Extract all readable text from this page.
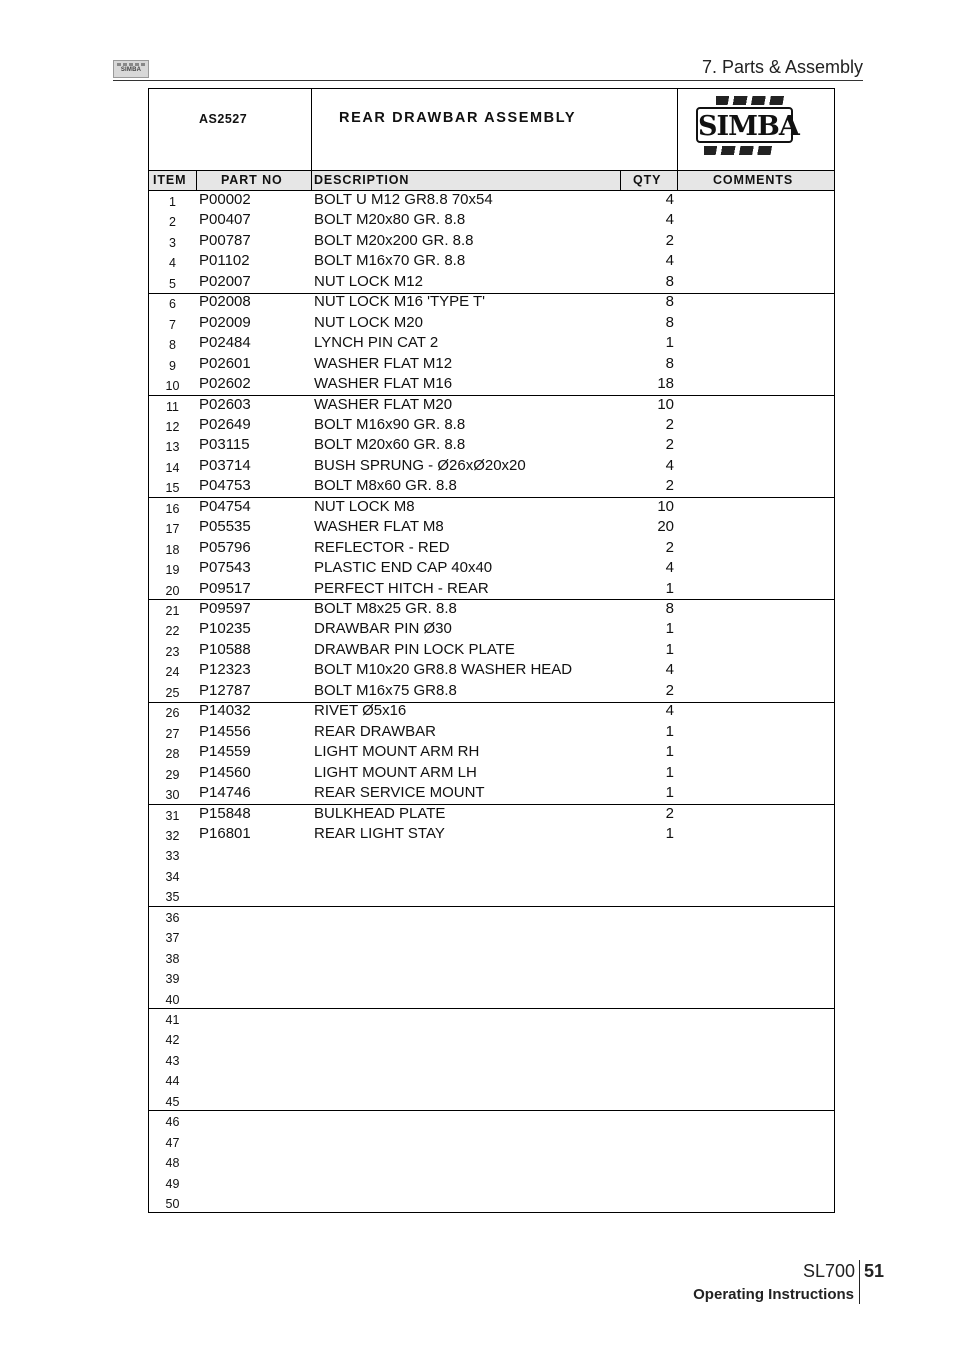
SIMBA	7. Parts & Assembly
AS2527	REAR DRAWBAR ASSEMBLY	SIMBA
ITEM	PART NO	DESCRIPTION	QTY	COMMENTS
1	P00002	BOLT U M12 GR8.8 70x54	4
2	P00407	BOLT M20x80 GR. 8.8	4
3	P00787	BOLT M20x200 GR. 8.8	2
4	P01102	BOLT M16x70 GR. 8.8	4
5	P02007	NUT LOCK M12	8
6	P02008	NUT LOCK M16 'TYPE T'	8
7	P02009	NUT LOCK M20	8
8	P02484	LYNCH PIN CAT 2	1
9	P02601	WASHER FLAT M12	8
10	P02602	WASHER FLAT M16	18
11	P02603	WASHER FLAT M20	10
12	P02649	BOLT M16x90 GR. 8.8	2
13	P03115	BOLT M20x60 GR. 8.8	2
14	P03714	BUSH SPRUNG - Ø26xØ20x20	4
15	P04753	BOLT M8x60 GR. 8.8	2
16	P04754	NUT LOCK M8	10
17	P05535	WASHER FLAT M8	20
18	P05796	REFLECTOR - RED	2
19	P07543	PLASTIC END CAP 40x40	4
20	P09517	PERFECT HITCH - REAR	1
21	P09597	BOLT M8x25 GR. 8.8	8
22	P10235	DRAWBAR PIN Ø30	1
23	P10588	DRAWBAR PIN LOCK PLATE	1
24	P12323	BOLT M10x20 GR8.8 WASHER HEAD	4
25	P12787	BOLT M16x75 GR8.8	2
26	P14032	RIVET Ø5x16	4
27	P14556	REAR DRAWBAR	1
28	P14559	LIGHT MOUNT ARM RH	1
29	P14560	LIGHT MOUNT ARM LH	1
30	P14746	REAR SERVICE MOUNT	1
31	P15848	BULKHEAD PLATE	2
32	P16801	REAR LIGHT STAY	1
33
34
35
36
37
38
39
40
41
42
43
44
45
46
47
48
49
50
SL700 51
Operating Instructions
